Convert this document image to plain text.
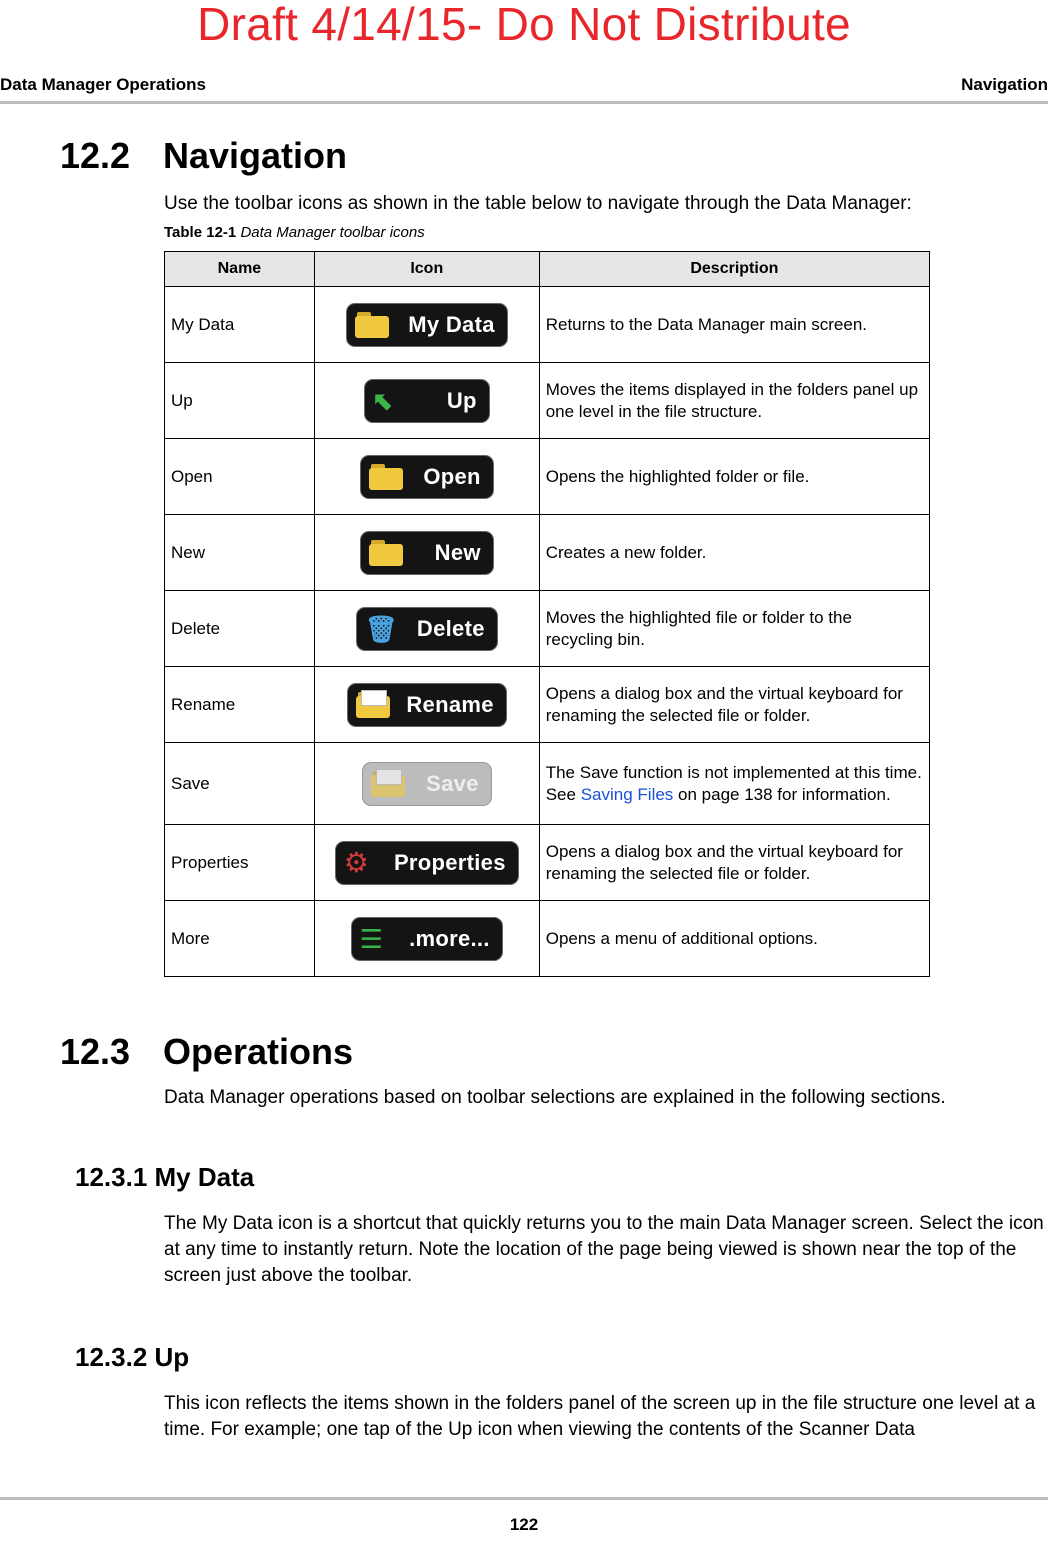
Draft 4/14/15- Do Not Distribute
Data Manager Operations	Navigation
12.2 Navigation
Use the toolbar icons as shown in the table below to navigate through the Data Manager:
Table 12-1 Data Manager toolbar icons
Name	Icon	Description
My Data	My Data	Returns to the Data Manager main screen.
Up	⬉ Up	Moves the items displayed in the folders panel up one level in the file structure.
Open	Open	Opens the highlighted folder or file.
New	New	Creates a new folder.
Delete	🗑 Delete	Moves the highlighted file or folder to the recycling bin.
Rename	Rename	Opens a dialog box and the virtual keyboard for renaming the selected file or folder.
Save	Save	The Save function is not implemented at this time. See Saving Files on page 138 for information.
Properties	⚙ Properties	Opens a dialog box and the virtual keyboard for renaming the selected file or folder.
More	☰ .more...	Opens a menu of additional options.
12.3 Operations
Data Manager operations based on toolbar selections are explained in the following sections.
12.3.1 My Data
The My Data icon is a shortcut that quickly returns you to the main Data Manager screen. Select the icon at any time to instantly return. Note the location of the page being viewed is shown near the top of the screen just above the toolbar.
12.3.2 Up
This icon reflects the items shown in the folders panel of the screen up in the file structure one level at a time. For example; one tap of the Up icon when viewing the contents of the Scanner Data
122
